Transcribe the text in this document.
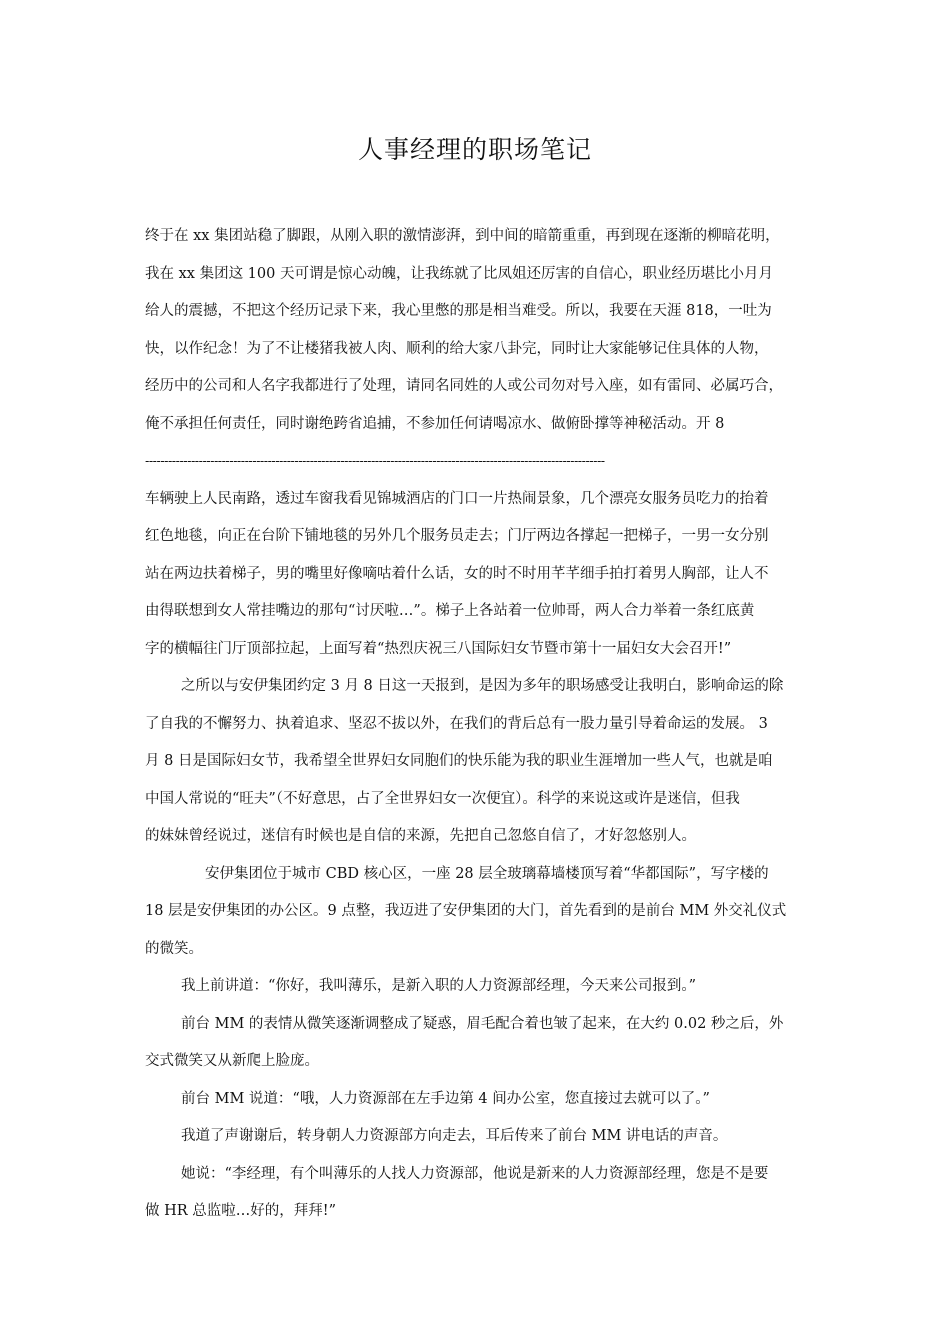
人事经理的职场笔记
终于在 xx 集团站稳了脚跟，从刚入职的激情澎湃，到中间的暗箭重重，再到现在逐渐的柳暗花明，
我在 xx 集团这 100 天可谓是惊心动魄，让我练就了比凤姐还厉害的自信心，职业经历堪比小月月
给人的震撼，不把这个经历记录下来，我心里憋的那是相当难受。所以，我要在天涯 818，一吐为
快，以作纪念！为了不让楼猪我被人肉、顺利的给大家八卦完，同时让大家能够记住具体的人物，
经历中的公司和人名字我都进行了处理，请同名同姓的人或公司勿对号入座，如有雷同、必属巧合，
俺不承担任何责任，同时谢绝跨省追捕，不参加任何请喝凉水、做俯卧撑等神秘活动。开 8
------------------------------------------------------------------------------------------------------------------------
车辆驶上人民南路，透过车窗我看见锦城酒店的门口一片热闹景象，几个漂亮女服务员吃力的抬着
红色地毯，向正在台阶下铺地毯的另外几个服务员走去；门厅两边各撑起一把梯子，一男一女分别
站在两边扶着梯子，男的嘴里好像嘀咕着什么话，女的时不时用芊芊细手拍打着男人胸部，让人不
由得联想到女人常挂嘴边的那句“讨厌啦…”。梯子上各站着一位帅哥，两人合力举着一条红底黄
字的横幅往门厅顶部拉起，上面写着“热烈庆祝三八国际妇女节暨市第十一届妇女大会召开!”
之所以与安伊集团约定 3 月 8 日这一天报到，是因为多年的职场感受让我明白，影响命运的除
了自我的不懈努力、执着追求、坚忍不拔以外，在我们的背后总有一股力量引导着命运的发展。 3
月 8 日是国际妇女节，我希望全世界妇女同胞们的快乐能为我的职业生涯增加一些人气，也就是咱
中国人常说的“旺夫”（不好意思，占了全世界妇女一次便宜）。科学的来说这或许是迷信，但我
的妹妹曾经说过，迷信有时候也是自信的来源，先把自己忽悠自信了，才好忽悠别人。
安伊集团位于城市 CBD 核心区，一座 28 层全玻璃幕墙楼顶写着“华都国际”，写字楼的
18 层是安伊集团的办公区。9 点整，我迈进了安伊集团的大门，首先看到的是前台 MM 外交礼仪式
的微笑。
我上前讲道：“你好，我叫薄乐，是新入职的人力资源部经理，今天来公司报到。”
前台 MM 的表情从微笑逐渐调整成了疑惑，眉毛配合着也皱了起来，在大约 0.02 秒之后，外
交式微笑又从新爬上脸庞。
前台 MM 说道：“哦，人力资源部在左手边第 4 间办公室，您直接过去就可以了。”
我道了声谢谢后，转身朝人力资源部方向走去，耳后传来了前台 MM 讲电话的声音。
她说：“李经理，有个叫薄乐的人找人力资源部，他说是新来的人力资源部经理，您是不是要
做 HR 总监啦…好的，拜拜!”
